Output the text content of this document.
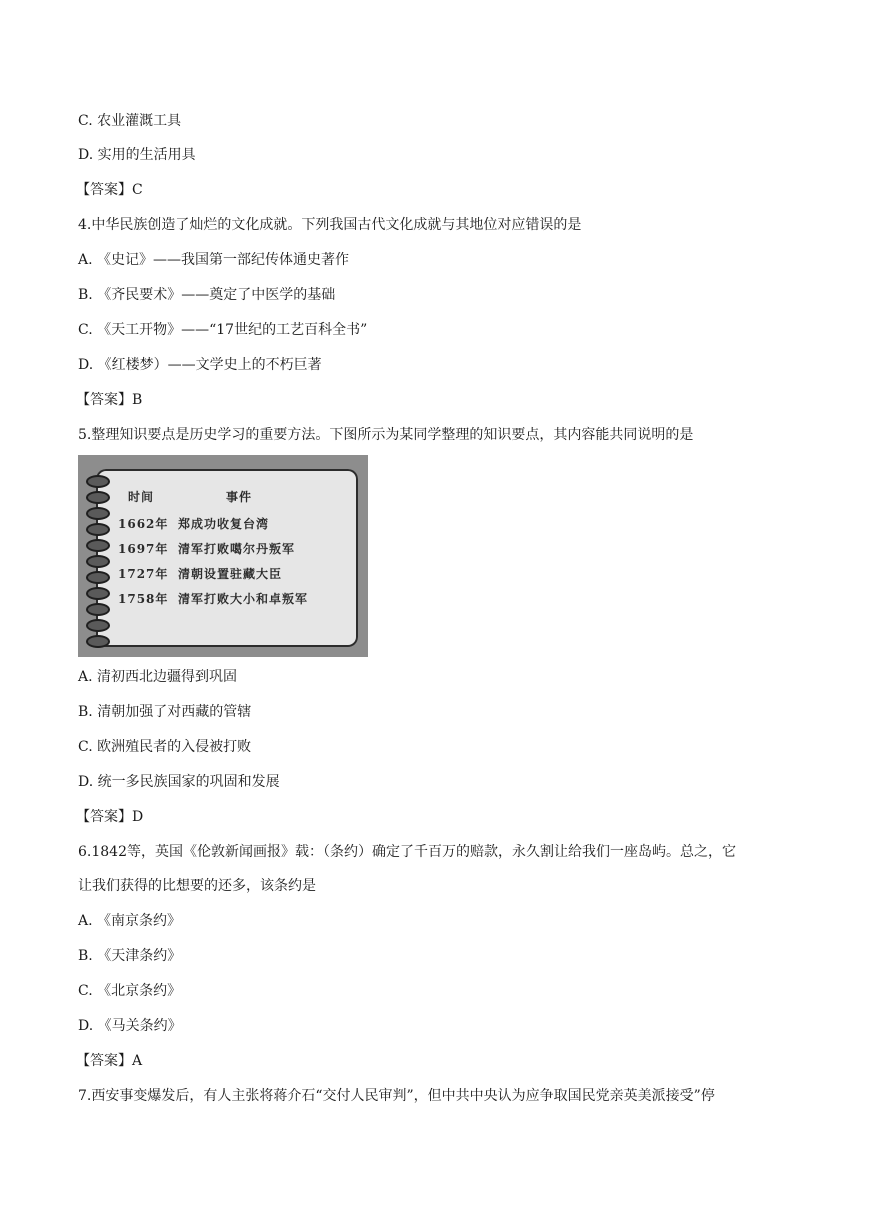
C. 农业灌溉工具
D. 实用的生活用具
【答案】C
4.中华民族创造了灿烂的文化成就。下列我国古代文化成就与其地位对应错误的是
A. 《史记》——我国第一部纪传体通史著作
B. 《齐民要术》——奠定了中医学的基础
C. 《天工开物》——“17世纪的工艺百科全书”
D. 《红楼梦）——文学史上的不朽巨著
【答案】B
5.整理知识要点是历史学习的重要方法。下图所示为某同学整理的知识要点，其内容能共同说明的是
时间	事件
1662年 郑成功收复台湾
1697年 清军打败噶尔丹叛军
1727年 清朝设置驻藏大臣
1758年 清军打败大小和卓叛军
A. 清初西北边疆得到巩固
B. 清朝加强了对西藏的管辖
C. 欧洲殖民者的入侵被打败
D. 统一多民族国家的巩固和发展
【答案】D
6.1842等，英国《伦敦新闻画报》载：（条约）确定了千百万的赔款，永久割让给我们一座岛屿。总之，它
让我们获得的比想要的还多，该条约是
A. 《南京条约》
B. 《天津条约》
C. 《北京条约》
D. 《马关条约》
【答案】A
7.西安事变爆发后，有人主张将蒋介石“交付人民审判”，但中共中央认为应争取国民党亲英美派接受”停
